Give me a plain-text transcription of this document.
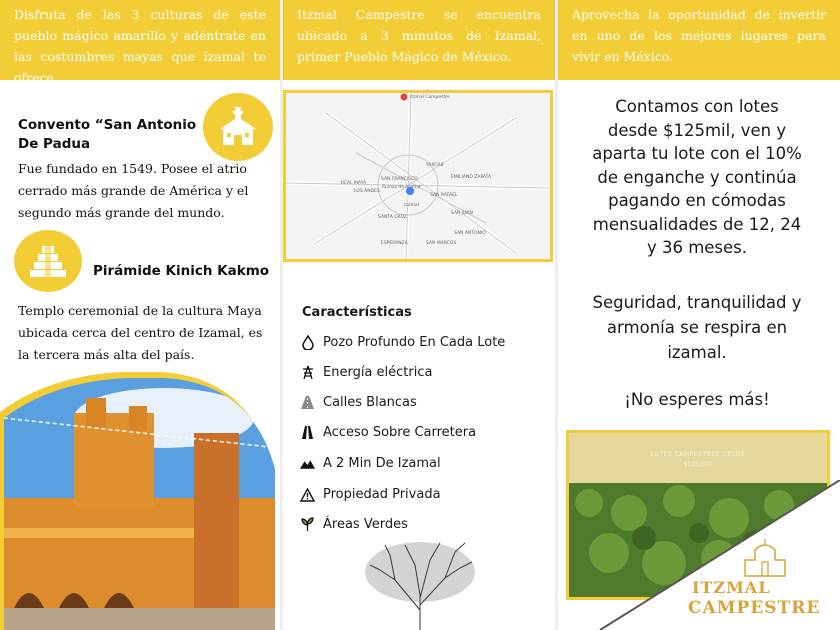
Disfruta de las 3 culturas de este pueblo mágico amarillo y adéntrate en las costumbres mayas que izamal te ofrece.
Itzmal Campestre se encuentra ubicado a 3 minutos de Izamal, primer Pueblo Mágico de México.
Aprovecha la oportunidad de invertir en uno de los mejores lugares para vivir en México.
Convento “San Antonio
De Padua
Fue fundado en 1549. Posee el atrio cerrado más grande de América y el segundo más grande del mundo.
Pirámide Kinich Kakmo
Templo ceremonial de la cultura Maya ubicada cerca del centro de Izamal, es la tercera más alta del país.
Itzmal Campestre
YAXCAB
REAL MAYA
SAN FRANCISCO
LOS ANDES
EMILIANO ZAPATA
Ruinas de Izamal
SAN RAFAEL
SAN JUAN
SANTA CRUZ
SAN ANTONIO
ESPERANZA	SAN MARCOS
Izamal
Características
Pozo Profundo En Cada Lote
Energía eléctrica
Calles Blancas
Acceso Sobre Carretera
A 2 Min De Izamal
Propiedad Privada
Áreas Verdes
Contamos con lotes
desde $125mil, ven y
aparta tu lote con el 10%
de enganche y continúa
pagando en cómodas
mensualidades de 12, 24
y 36 meses.
Seguridad, tranquilidad y
armonía se respira en
izamal.
¡No esperes más!
LOTES CAMPESTRES DESDE
$125,000
ITZMAL
CAMPESTRE
